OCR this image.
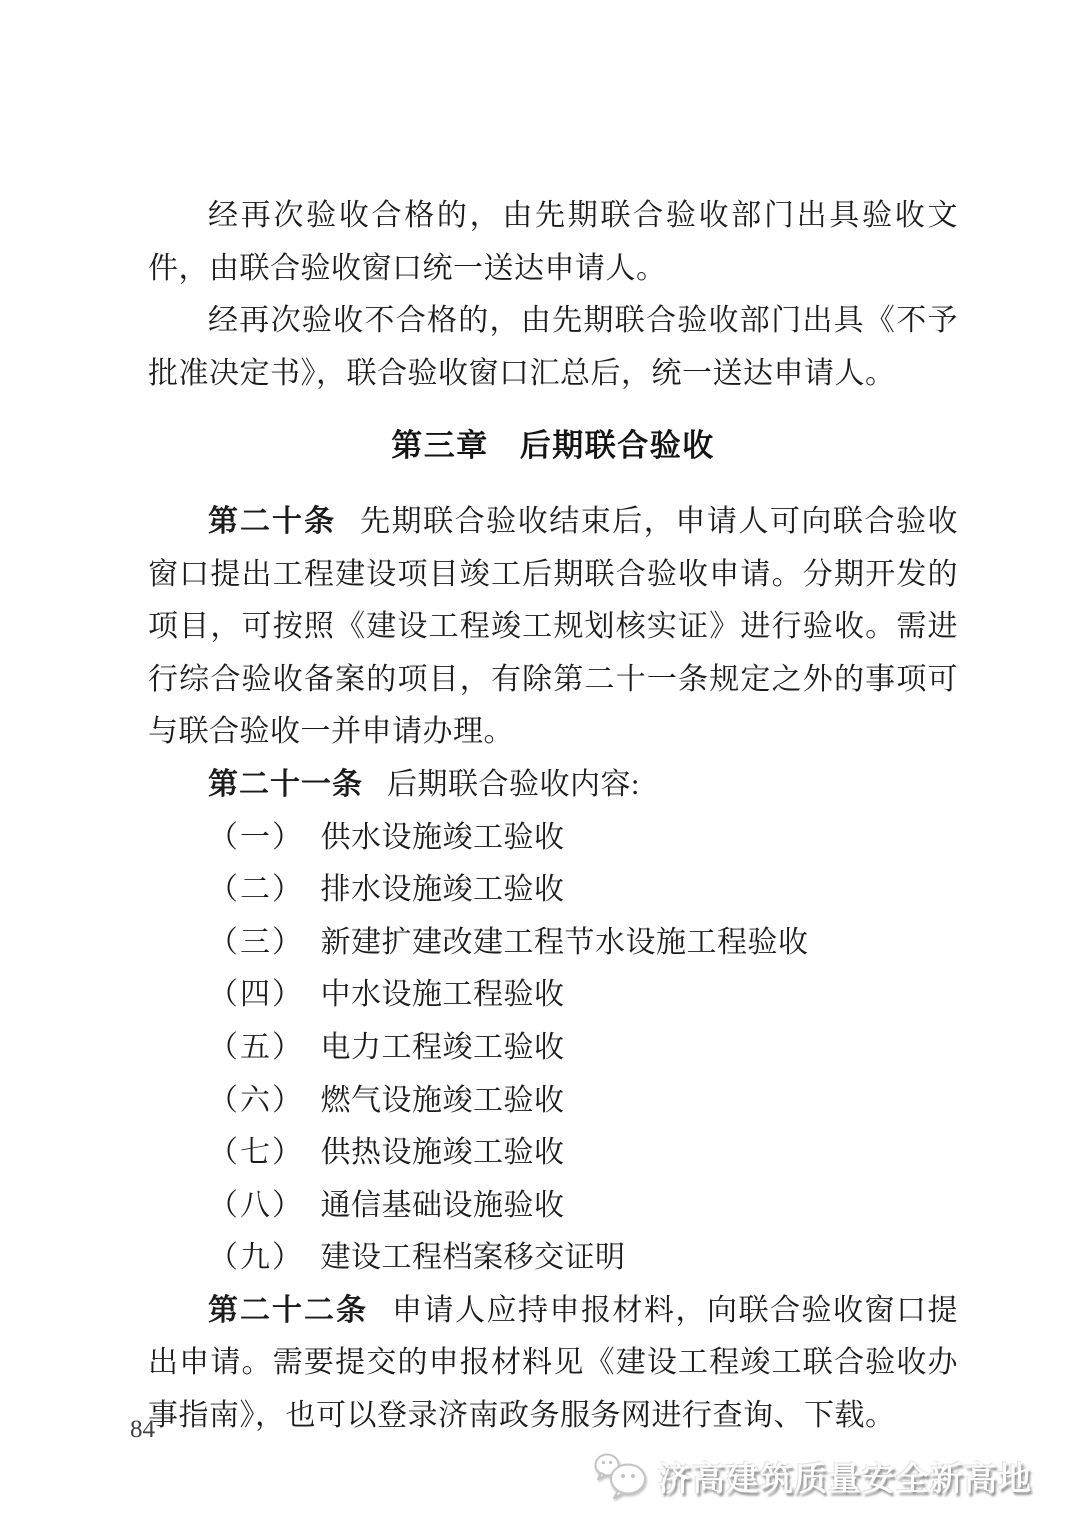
经再次验收合格的，由先期联合验收部门出具验收文件，由联合验收窗口统一送达申请人。

经再次验收不合格的，由先期联合验收部门出具《不予批准决定书》，联合验收窗口汇总后，统一送达申请人。

第三章 后期联合验收

第二十条 先期联合验收结束后，申请人可向联合验收窗口提出工程建设项目竣工后期联合验收申请。分期开发的项目，可按照《建设工程竣工规划核实证》进行验收。需进行综合验收备案的项目，有除第二十一条规定之外的事项可与联合验收一并申请办理。

第二十一条 后期联合验收内容:

（一） 供水设施竣工验收

（二） 排水设施竣工验收

（三） 新建扩建改建工程节水设施工程验收

（四） 中水设施工程验收

（五） 电力工程竣工验收

（六） 燃气设施竣工验收

（七） 供热设施竣工验收

（八） 通信基础设施验收

（九） 建设工程档案移交证明

第二十二条 申请人应持申报材料，向联合验收窗口提出申请。需要提交的申报材料见《建设工程竣工联合验收办事指南》，也可以登录济南政务服务网进行查询、下载。

84
济高建筑质量安全新高地
